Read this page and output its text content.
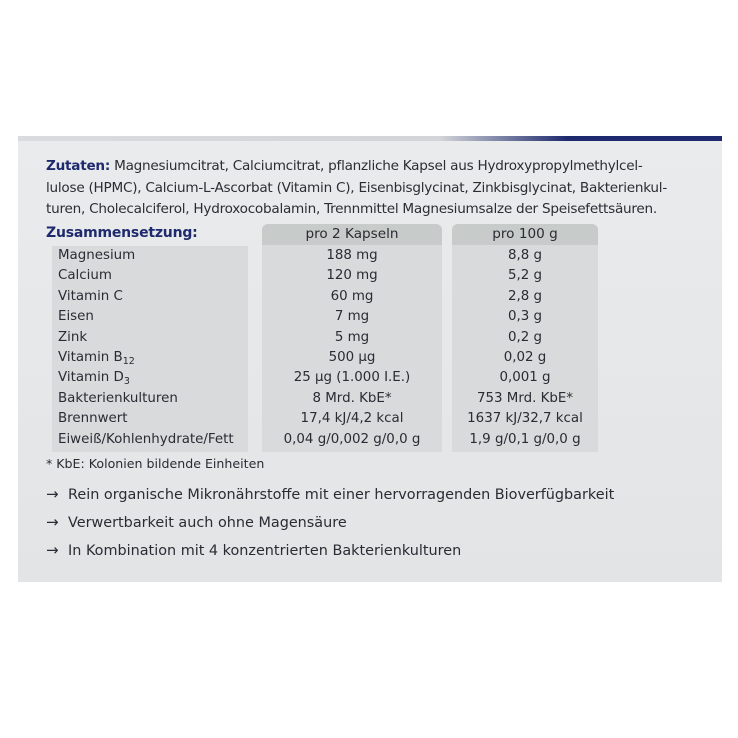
Zutaten: Magnesiumcitrat, Calciumcitrat, pflanzliche Kapsel aus Hydroxypropylmethylcel-
lulose (HPMC), Calcium-L-Ascorbat (Vitamin C), Eisenbisglycinat, Zinkbisglycinat, Bakterienkul-
turen, Cholecalciferol, Hydroxocobalamin, Trennmittel Magnesiumsalze der Speisefettsäuren.
Zusammensetzung:	pro 2 Kapseln	pro 100 g
Magnesium	188 mg	8,8 g
Calcium	120 mg	5,2 g
Vitamin C	60 mg	2,8 g
Eisen	7 mg	0,3 g
Zink	5 mg	0,2 g
Vitamin $B_{12}$	500 µg	0,02 g
Vitamin $D_3$	25 µg (1.000 I.E.)	0,001 g
Bakterienkulturen	8 Mrd. KbE*	753 Mrd. KbE*
Brennwert	17,4 kJ/4,2 kcal	1637 kJ/32,7 kcal
Eiweiß/Kohlenhydrate/Fett	0,04 g/0,002 g/0,0 g	1,9 g/0,1 g/0,0 g
* KbE: Kolonien bildende Einheiten
→ Rein organische Mikronährstoffe mit einer hervorragenden Bioverfügbarkeit
→ Verwertbarkeit auch ohne Magensäure
→ In Kombination mit 4 konzentrierten Bakterienkulturen
